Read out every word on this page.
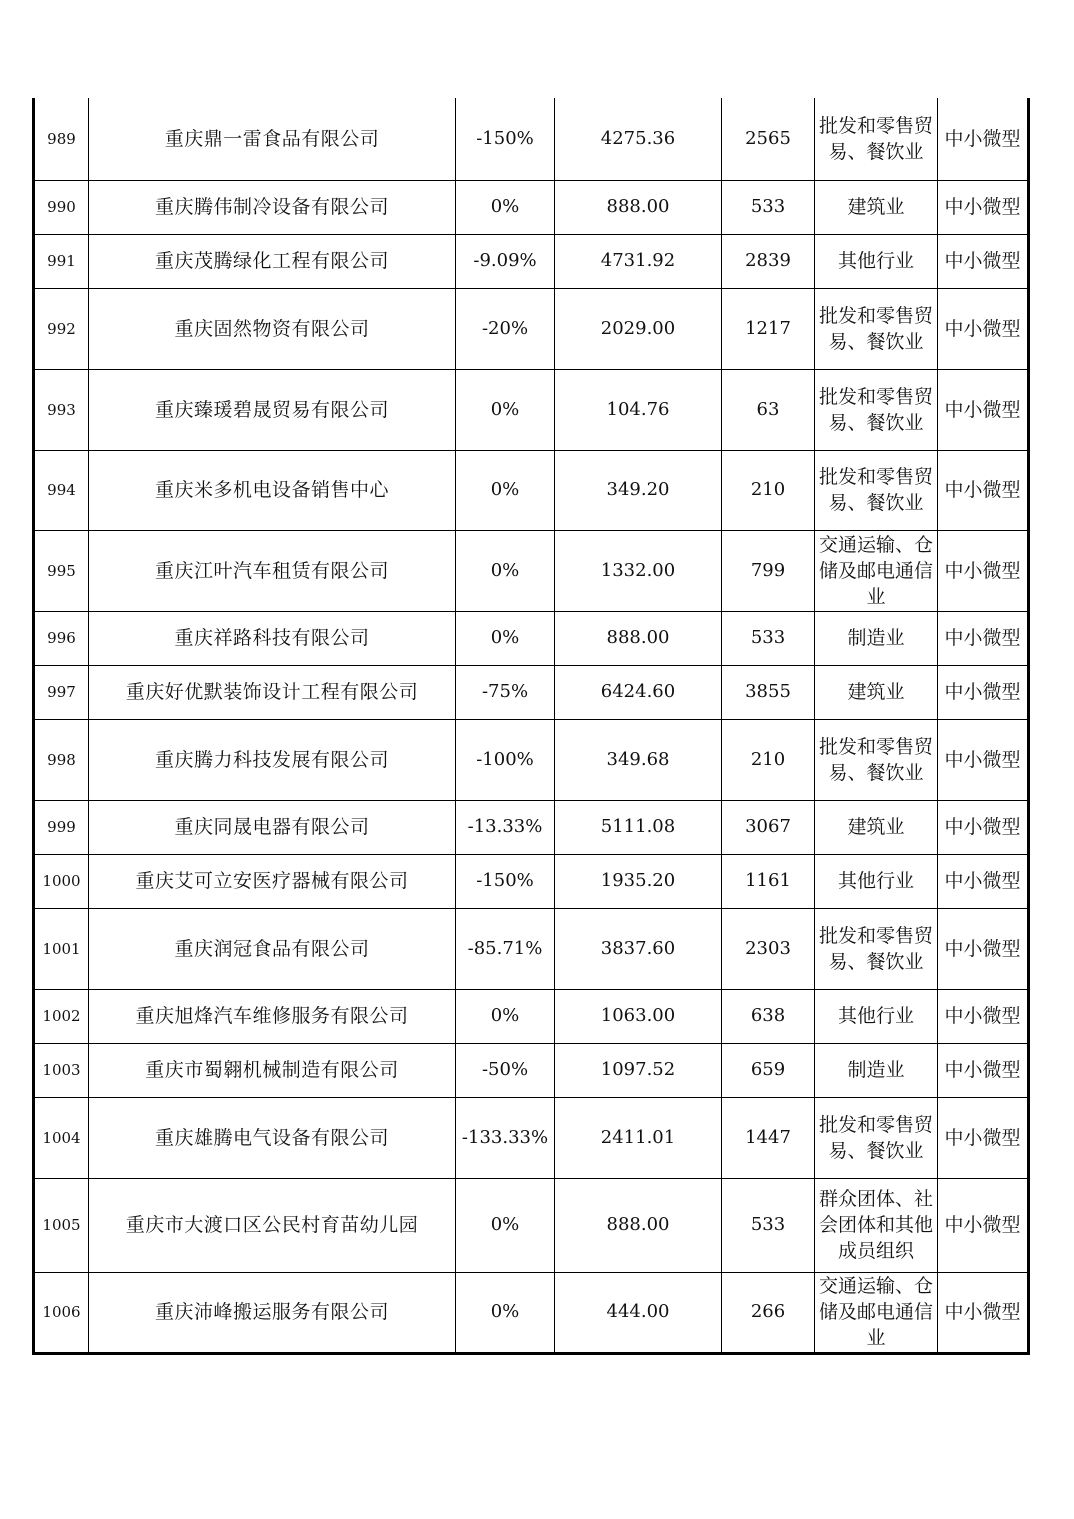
989	重庆鼎一雷食品有限公司	-150%	4275.36	2565	批发和零售贸易、餐饮业	中小微型
990	重庆腾伟制冷设备有限公司	0%	888.00	533	建筑业	中小微型
991	重庆茂腾绿化工程有限公司	-9.09%	4731.92	2839	其他行业	中小微型
992	重庆固然物资有限公司	-20%	2029.00	1217	批发和零售贸易、餐饮业	中小微型
993	重庆臻瑗碧晟贸易有限公司	0%	104.76	63	批发和零售贸易、餐饮业	中小微型
994	重庆米多机电设备销售中心	0%	349.20	210	批发和零售贸易、餐饮业	中小微型
995	重庆江叶汽车租赁有限公司	0%	1332.00	799	交通运输、仓储及邮电通信业	中小微型
996	重庆祥路科技有限公司	0%	888.00	533	制造业	中小微型
997	重庆好优默装饰设计工程有限公司	-75%	6424.60	3855	建筑业	中小微型
998	重庆腾力科技发展有限公司	-100%	349.68	210	批发和零售贸易、餐饮业	中小微型
999	重庆同晟电器有限公司	-13.33%	5111.08	3067	建筑业	中小微型
1000	重庆艾可立安医疗器械有限公司	-150%	1935.20	1161	其他行业	中小微型
1001	重庆润冠食品有限公司	-85.71%	3837.60	2303	批发和零售贸易、餐饮业	中小微型
1002	重庆旭烽汽车维修服务有限公司	0%	1063.00	638	其他行业	中小微型
1003	重庆市蜀翱机械制造有限公司	-50%	1097.52	659	制造业	中小微型
1004	重庆雄腾电气设备有限公司	-133.33%	2411.01	1447	批发和零售贸易、餐饮业	中小微型
1005	重庆市大渡口区公民村育苗幼儿园	0%	888.00	533	群众团体、社会团体和其他成员组织	中小微型
1006	重庆沛峰搬运服务有限公司	0%	444.00	266	交通运输、仓储及邮电通信业	中小微型
